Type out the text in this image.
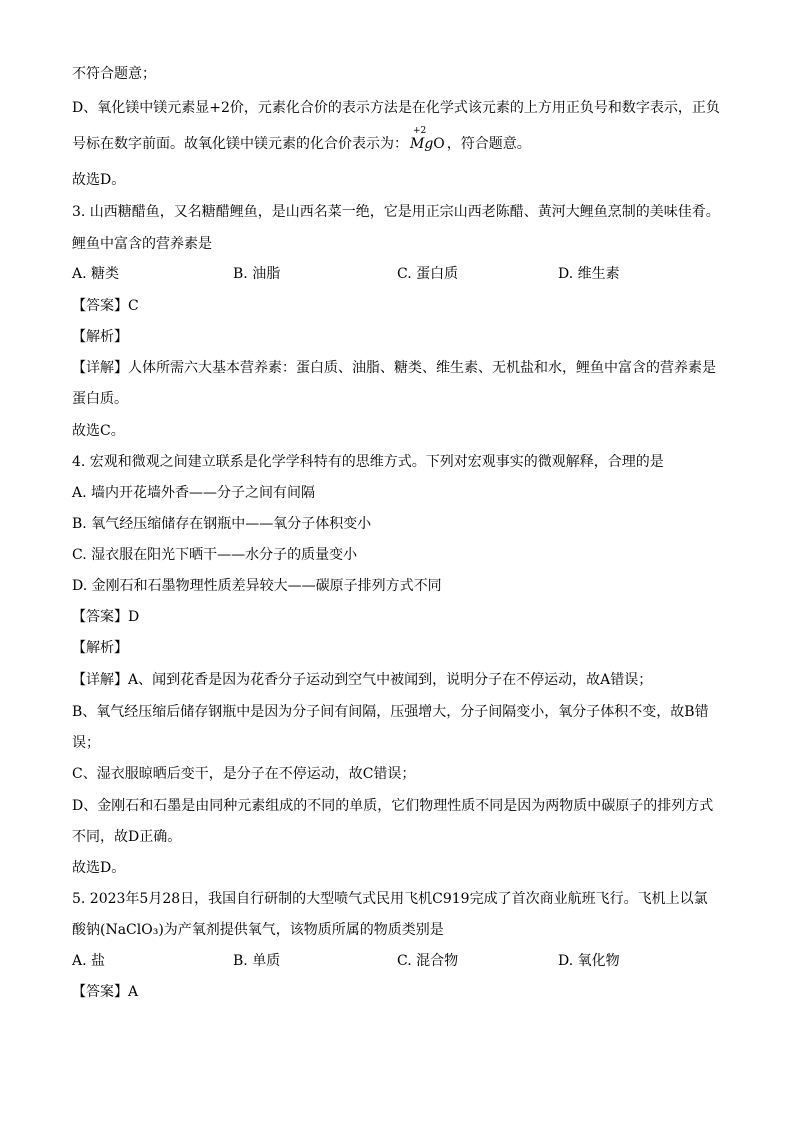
不符合题意；
D、氧化镁中镁元素显+2价，元素化合价的表示方法是在化学式该元素的上方用正负号和数字表示，正负
号标在数字前面。故氧化镁中镁元素的化合价表示为：
+2
MgO ，符合题意。
故选D。
3. 山西糖醋鱼，又名糖醋鲤鱼，是山西名菜一绝，它是用正宗山西老陈醋、黄河大鲤鱼烹制的美味佳肴。
鲤鱼中富含的营养素是
A. 糖类	B. 油脂	C. 蛋白质	D. 维生素
【答案】C
【解析】
【详解】人体所需六大基本营养素：蛋白质、油脂、糖类、维生素、无机盐和水，鲤鱼中富含的营养素是
蛋白质。
故选C。
4. 宏观和微观之间建立联系是化学学科特有的思维方式。下列对宏观事实的微观解释，合理的是
A. 墙内开花墙外香——分子之间有间隔
B. 氧气经压缩储存在钢瓶中——氧分子体积变小
C. 湿衣服在阳光下晒干——水分子的质量变小
D. 金刚石和石墨物理性质差异较大——碳原子排列方式不同
【答案】D
【解析】
【详解】A、闻到花香是因为花香分子运动到空气中被闻到，说明分子在不停运动，故A错误；
B、氧气经压缩后储存钢瓶中是因为分子间有间隔，压强增大，分子间隔变小，氧分子体积不变，故B错
误；
C、湿衣服晾晒后变干，是分子在不停运动，故C错误；
D、金刚石和石墨是由同种元素组成的不同的单质，它们物理性质不同是因为两物质中碳原子的排列方式
不同，故D正确。
故选D。
5. 2023年5月28日，我国自行研制的大型喷气式民用飞机C919完成了首次商业航班飞行。飞机上以氯
酸钠(NaClO₃)为产氧剂提供氧气，该物质所属的物质类别是
A. 盐	B. 单质	C. 混合物	D. 氧化物
【答案】A
